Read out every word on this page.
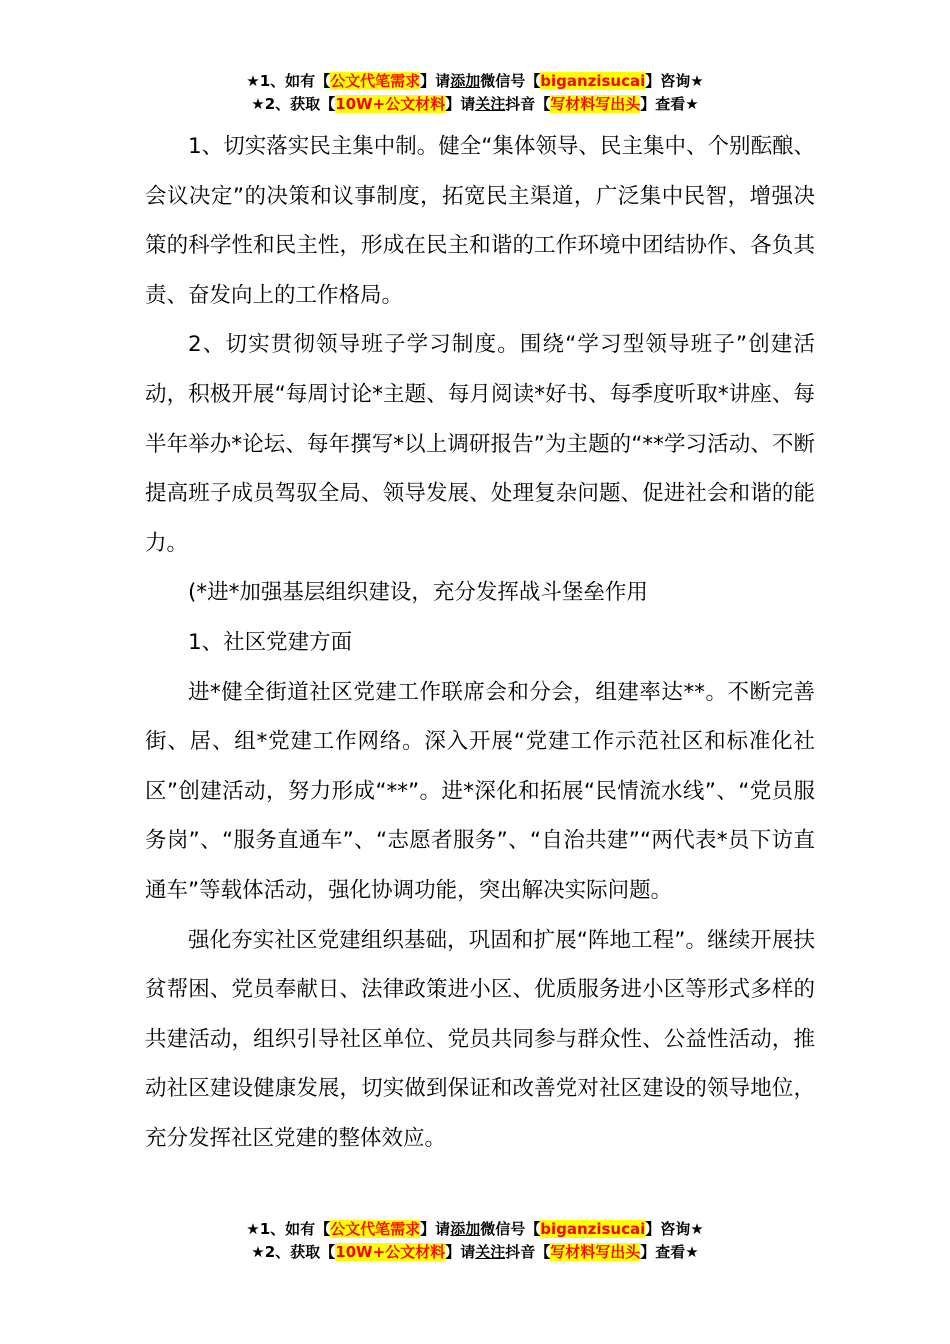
★1、如有【公文代笔需求】请添加微信号【biganzisucai】咨询★
★2、获取【10W+公文材料】请关注抖音【写材料写出头】查看★

1、切实落实民主集中制。健全“集体领导、民主集中、个别酝酿、会议决定”的决策和议事制度，拓宽民主渠道，广泛集中民智，增强决策的科学性和民主性，形成在民主和谐的工作环境中团结协作、各负其责、奋发向上的工作格局。

2、切实贯彻领导班子学习制度。围绕“学习型领导班子”创建活动，积极开展“每周讨论*主题、每月阅读*好书、每季度听取*讲座、每半年举办*论坛、每年撰写*以上调研报告”为主题的“**学习活动、不断提高班子成员驾驭全局、领导发展、处理复杂问题、促进社会和谐的能力。

(*进*加强基层组织建设，充分发挥战斗堡垒作用

1、社区党建方面

进*健全街道社区党建工作联席会和分会，组建率达**。不断完善街、居、组*党建工作网络。深入开展“党建工作示范社区和标准化社区”创建活动，努力形成“**”。进*深化和拓展“民情流水线”、“党员服务岗”、“服务直通车”、“志愿者服务”、“自治共建”“两代表*员下访直通车”等载体活动，强化协调功能，突出解决实际问题。

强化夯实社区党建组织基础，巩固和扩展“阵地工程”。继续开展扶贫帮困、党员奉献日、法律政策进小区、优质服务进小区等形式多样的共建活动，组织引导社区单位、党员共同参与群众性、公益性活动，推动社区建设健康发展，切实做到保证和改善党对社区建设的领导地位，充分发挥社区党建的整体效应。

★1、如有【公文代笔需求】请添加微信号【biganzisucai】咨询★
★2、获取【10W+公文材料】请关注抖音【写材料写出头】查看★
